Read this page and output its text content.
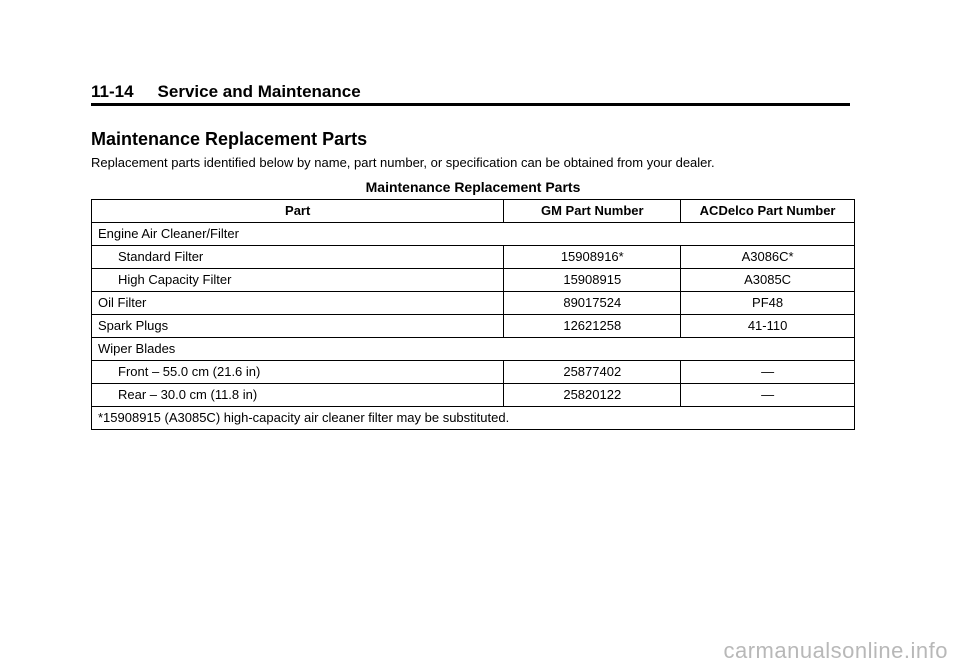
11-14 Service and Maintenance
Maintenance Replacement Parts
Replacement parts identified below by name, part number, or specification can be obtained from your dealer.
Maintenance Replacement Parts
Part	GM Part Number	ACDelco Part Number
Engine Air Cleaner/Filter		
Standard Filter	15908916*	A3086C*
High Capacity Filter	15908915	A3085C
Oil Filter	89017524	PF48
Spark Plugs	12621258	41-110
Wiper Blades		
Front – 55.0 cm (21.6 in)	25877402	—
Rear – 30.0 cm (11.8 in)	25820122	—
*15908915 (A3085C) high-capacity air cleaner filter may be substituted.		
carmanualsonline.info
